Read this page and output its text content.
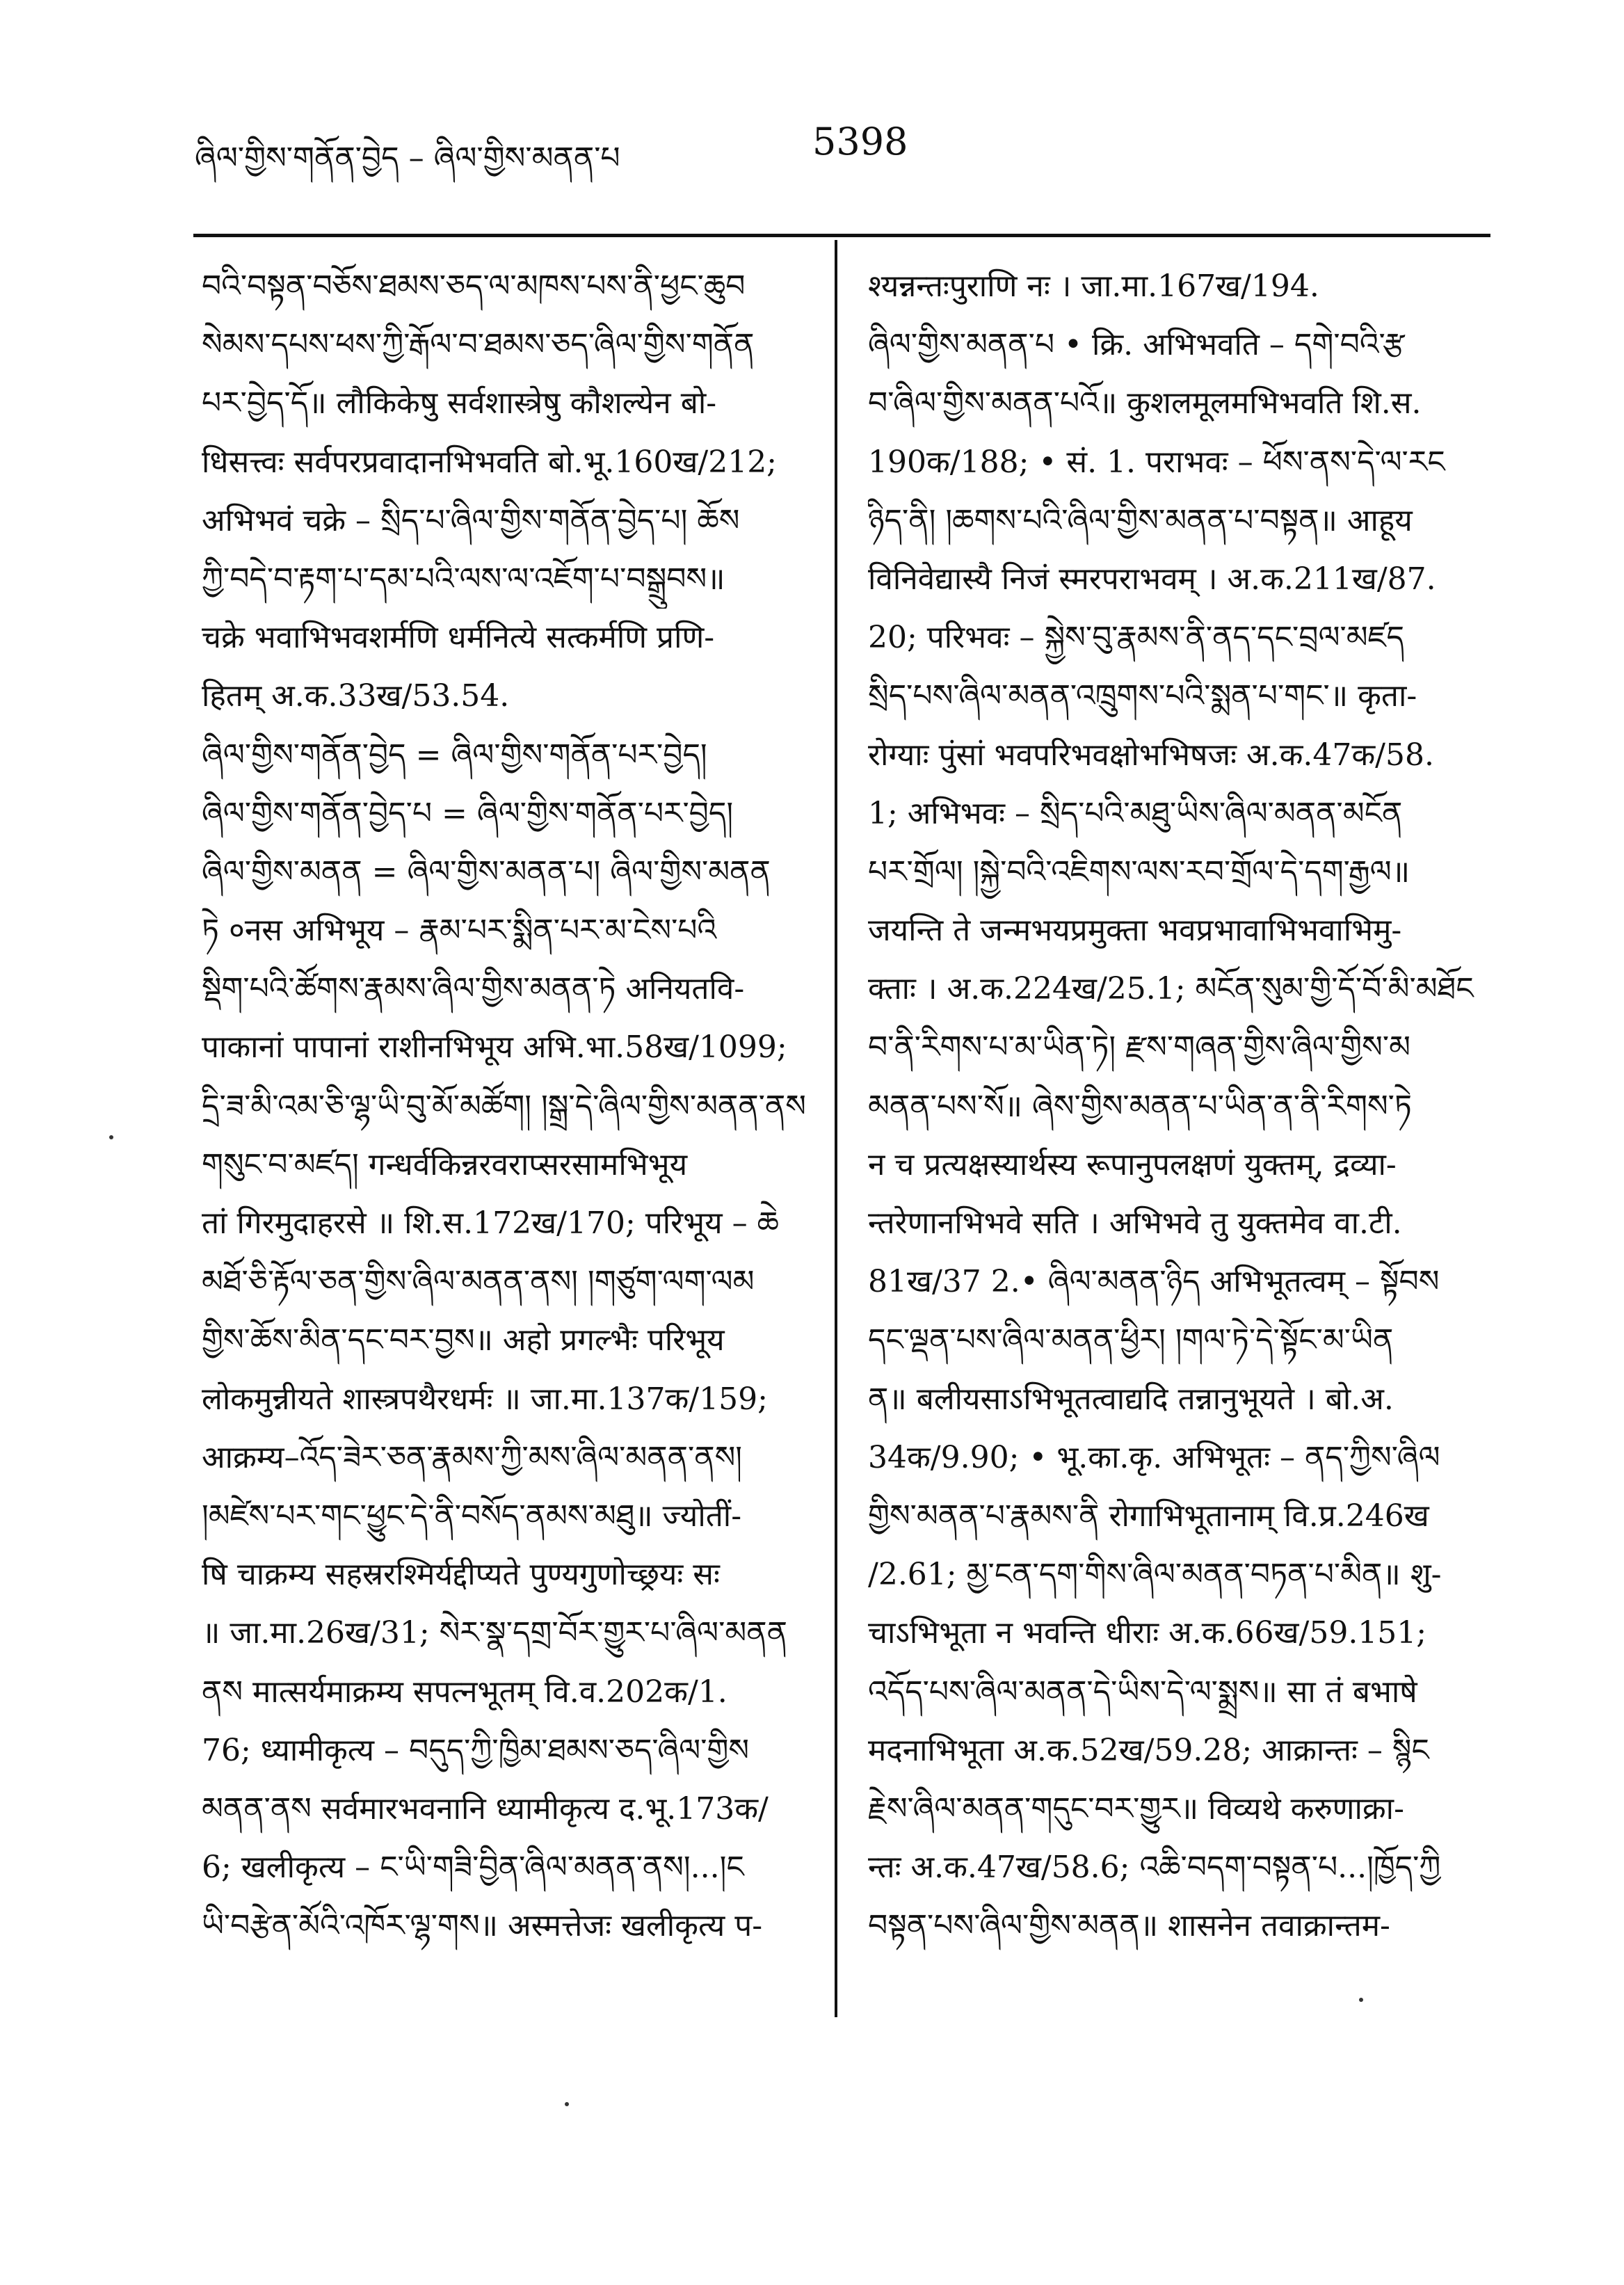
ཞིལ་གྱིས་གནོན་བྱེད – ཞིལ་གྱིས་མནན་པ	5398
བའི་བསྟན་བཅོས་ཐམས་ཅད་ལ་མཁས་པས་ནི་ཕྱང་ཆུབ
སེམས་དཔས་ཕས་ཀྱི་རྒོལ་བ་ཐམས་ཅད་ཞིལ་གྱིས་གནོན
པར་བྱེད་དོ॥ लौकिकेषु सर्वशास्त्रेषु कौशल्येन बो-
धिसत्त्वः सर्वपरप्रवादानभिभवति बो.भू.160ख/212;
अभिभवं चक्रे – སྲིད་པ་ཞིལ་གྱིས་གནོན་བྱེད་པ། ཆོས
ཀྱི་བདེ་བ་རྟག་པ་དམ་པའི་ལས་ལ་འཇོག་པ་བསྒྲུབས॥
चक्रे भवाभिभवशर्मणि धर्मनित्ये सत्कर्मणि प्रणि-
हितम् अ.क.33ख/53.54.
ཞིལ་གྱིས་གནོན་བྱེད = ཞིལ་གྱིས་གནོན་པར་བྱེད།
ཞིལ་གྱིས་གནོན་བྱེད་པ = ཞིལ་གྱིས་གནོན་པར་བྱེད།
ཞིལ་གྱིས་མནན = ཞིལ་གྱིས་མནན་པ། ཞིལ་གྱིས་མནན
ཏེ ०नस अभिभूय – རྣམ་པར་སྨིན་པར་མ་ངེས་པའི
སྡིག་པའི་ཚོགས་རྣམས་ཞིལ་གྱིས་མནན་ཏེ अनियतवि-
पाकानां पापानां राशीनभिभूय अभि.भा.58ख/1099;
དྲི་ཟ་མི་འམ་ཅི་ལྷ་ཡི་བུ་མོ་མཚོག། །སྒྲ་དེ་ཞིལ་གྱིས་མནན་ནས
གསུང་བ་མཛད། गन्धर्वकिन्नरवराप्सरसामभिभूय
तां गिरमुदाहरसे ॥ शि.स.172ख/170; परिभूय – ཆེ
མཐོ་ཅི་རྟོལ་ཅན་གྱིས་ཞིལ་མནན་ནས། །གཙུག་ལག་ལམ
གྱིས་ཆོས་མིན་དང་བར་བྱས॥ अहो प्रगल्भैः परिभूय
लोकमुन्नीयते शास्त्रपथैरधर्मः ॥ जा.मा.137क/159;
आक्रम्य–འོད་ཟེར་ཅན་རྣམས་ཀྱི་མས་ཞིལ་མནན་ནས།
།མཛེས་པར་གང་ཕྱུང་དེ་ནི་བསོད་ནམས་མཐུ॥ ज्योतीं-
षि चाक्रम्य सहस्ररश्मिर्यद्दीप्यते पुण्यगुणोच्छ्रयः सः
॥ जा.मा.26ख/31; སེར་སྣ་དགྲ་བོར་གྱུར་པ་ཞིལ་མནན
ནས मात्सर्यमाक्रम्य सपत्नभूतम् वि.व.202क/1.
76; ध्यामीकृत्य – བདུད་ཀྱི་ཁྱིམ་ཐམས་ཅད་ཞིལ་གྱིས
མནན་ནས सर्वमारभवनानि ध्यामीकृत्य द.भू.173क/
6; खलीकृत्य – ང་ཡི་གཟི་བྱིན་ཞིལ་མནན་ནས།...།ང
ཡི་བརྩེན་མོའི་འཁོར་ལྷ་གས॥ अस्मत्तेजः खलीकृत्य प-
श्यन्नन्तःपुराणि नः । जा.मा.167ख/194.
ཞིལ་གྱིས་མནན་པ • क्रि. अभिभवति – དགེ་བའི་རྩ
བ་ཞིལ་གྱིས་མནན་པའོ॥ कुशलमूलमभिभवति शि.स.
190क/188; • सं. 1. पराभवः – ཕོས་ནས་དེ་ལ་རང
ཉིད་ནི། །ཆགས་པའི་ཞིལ་གྱིས་མནན་པ་བསྟན॥ आहूय
विनिवेद्यास्यै निजं स्मरपराभवम् । अ.क.211ख/87.
20; परिभवः – སྐྱེས་བུ་རྣམས་ནི་ནད་དང་བྲལ་མཛད
སྲིད་པས་ཞིལ་མནན་འཁྲུགས་པའི་སྨན་པ་གང་॥ कृता-
रोग्याः पुंसां भवपरिभवक्षोभभिषजः अ.क.47क/58.
1; अभिभवः – སྲིད་པའི་མཐུ་ཡིས་ཞིལ་མནན་མངོན
པར་གྲོལ། །སྐྱེ་བའི་འཇིགས་ལས་རབ་གྲོལ་དེ་དག་རྒྱལ॥
जयन्ति ते जन्मभयप्रमुक्ता भवप्रभावाभिभवाभिमु-
क्ताः । अ.क.224ख/25.1; མངོན་སུམ་གྱི་དོ་བོ་མི་མཐོང
བ་ནི་རིགས་པ་མ་ཡིན་ཏེ། རྫས་གཞན་གྱིས་ཞིལ་གྱིས་མ
མནན་པས་སོ॥ ཞེས་གྱིས་མནན་པ་ཡིན་ན་ནི་རིགས་ཏེ
न च प्रत्यक्षस्यार्थस्य रूपानुपलक्षणं युक्तम्, द्रव्या-
न्तरेणानभिभवे सति । अभिभवे तु युक्तमेव वा.टी.
81ख/37 2.• ཞིལ་མནན་ཉིད अभिभूतत्वम् – སྟོབས
དང་ལྡན་པས་ཞིལ་མནན་ཕྱིར། །གལ་ཏེ་དེ་སྟོང་མ་ཡིན
ན॥ बलीयसाऽभिभूतत्वाद्यदि तन्नानुभूयते । बो.अ.
34क/9.90; • भू.का.कृ. अभिभूतः – ནད་ཀྱིས་ཞིལ
གྱིས་མནན་པ་རྣམས་ནི रोगाभिभूतानाम् वि.प्र.246ख
/2.61; མྱ་ངན་དག་གིས་ཞིལ་མནན་བཏན་པ་མིན॥ शु-
चाऽभिभूता न भवन्ति धीराः अ.क.66ख/59.151;
འདོད་པས་ཞིལ་མནན་དེ་ཡིས་དེ་ལ་སྨྲས॥ सा तं बभाषे
मदनाभिभूता अ.क.52ख/59.28; आक्रान्तः – སྙིང
རྗེས་ཞིལ་མནན་གདུང་བར་གྱུར॥ विव्यथे करुणाक्रा-
न्तः अ.क.47ख/58.6; འཆི་བདག་བསྟན་པ...།ཁྱོད་ཀྱི
བསྟན་པས་ཞིལ་གྱིས་མནན॥ शासनेन तवाक्रान्तम-
